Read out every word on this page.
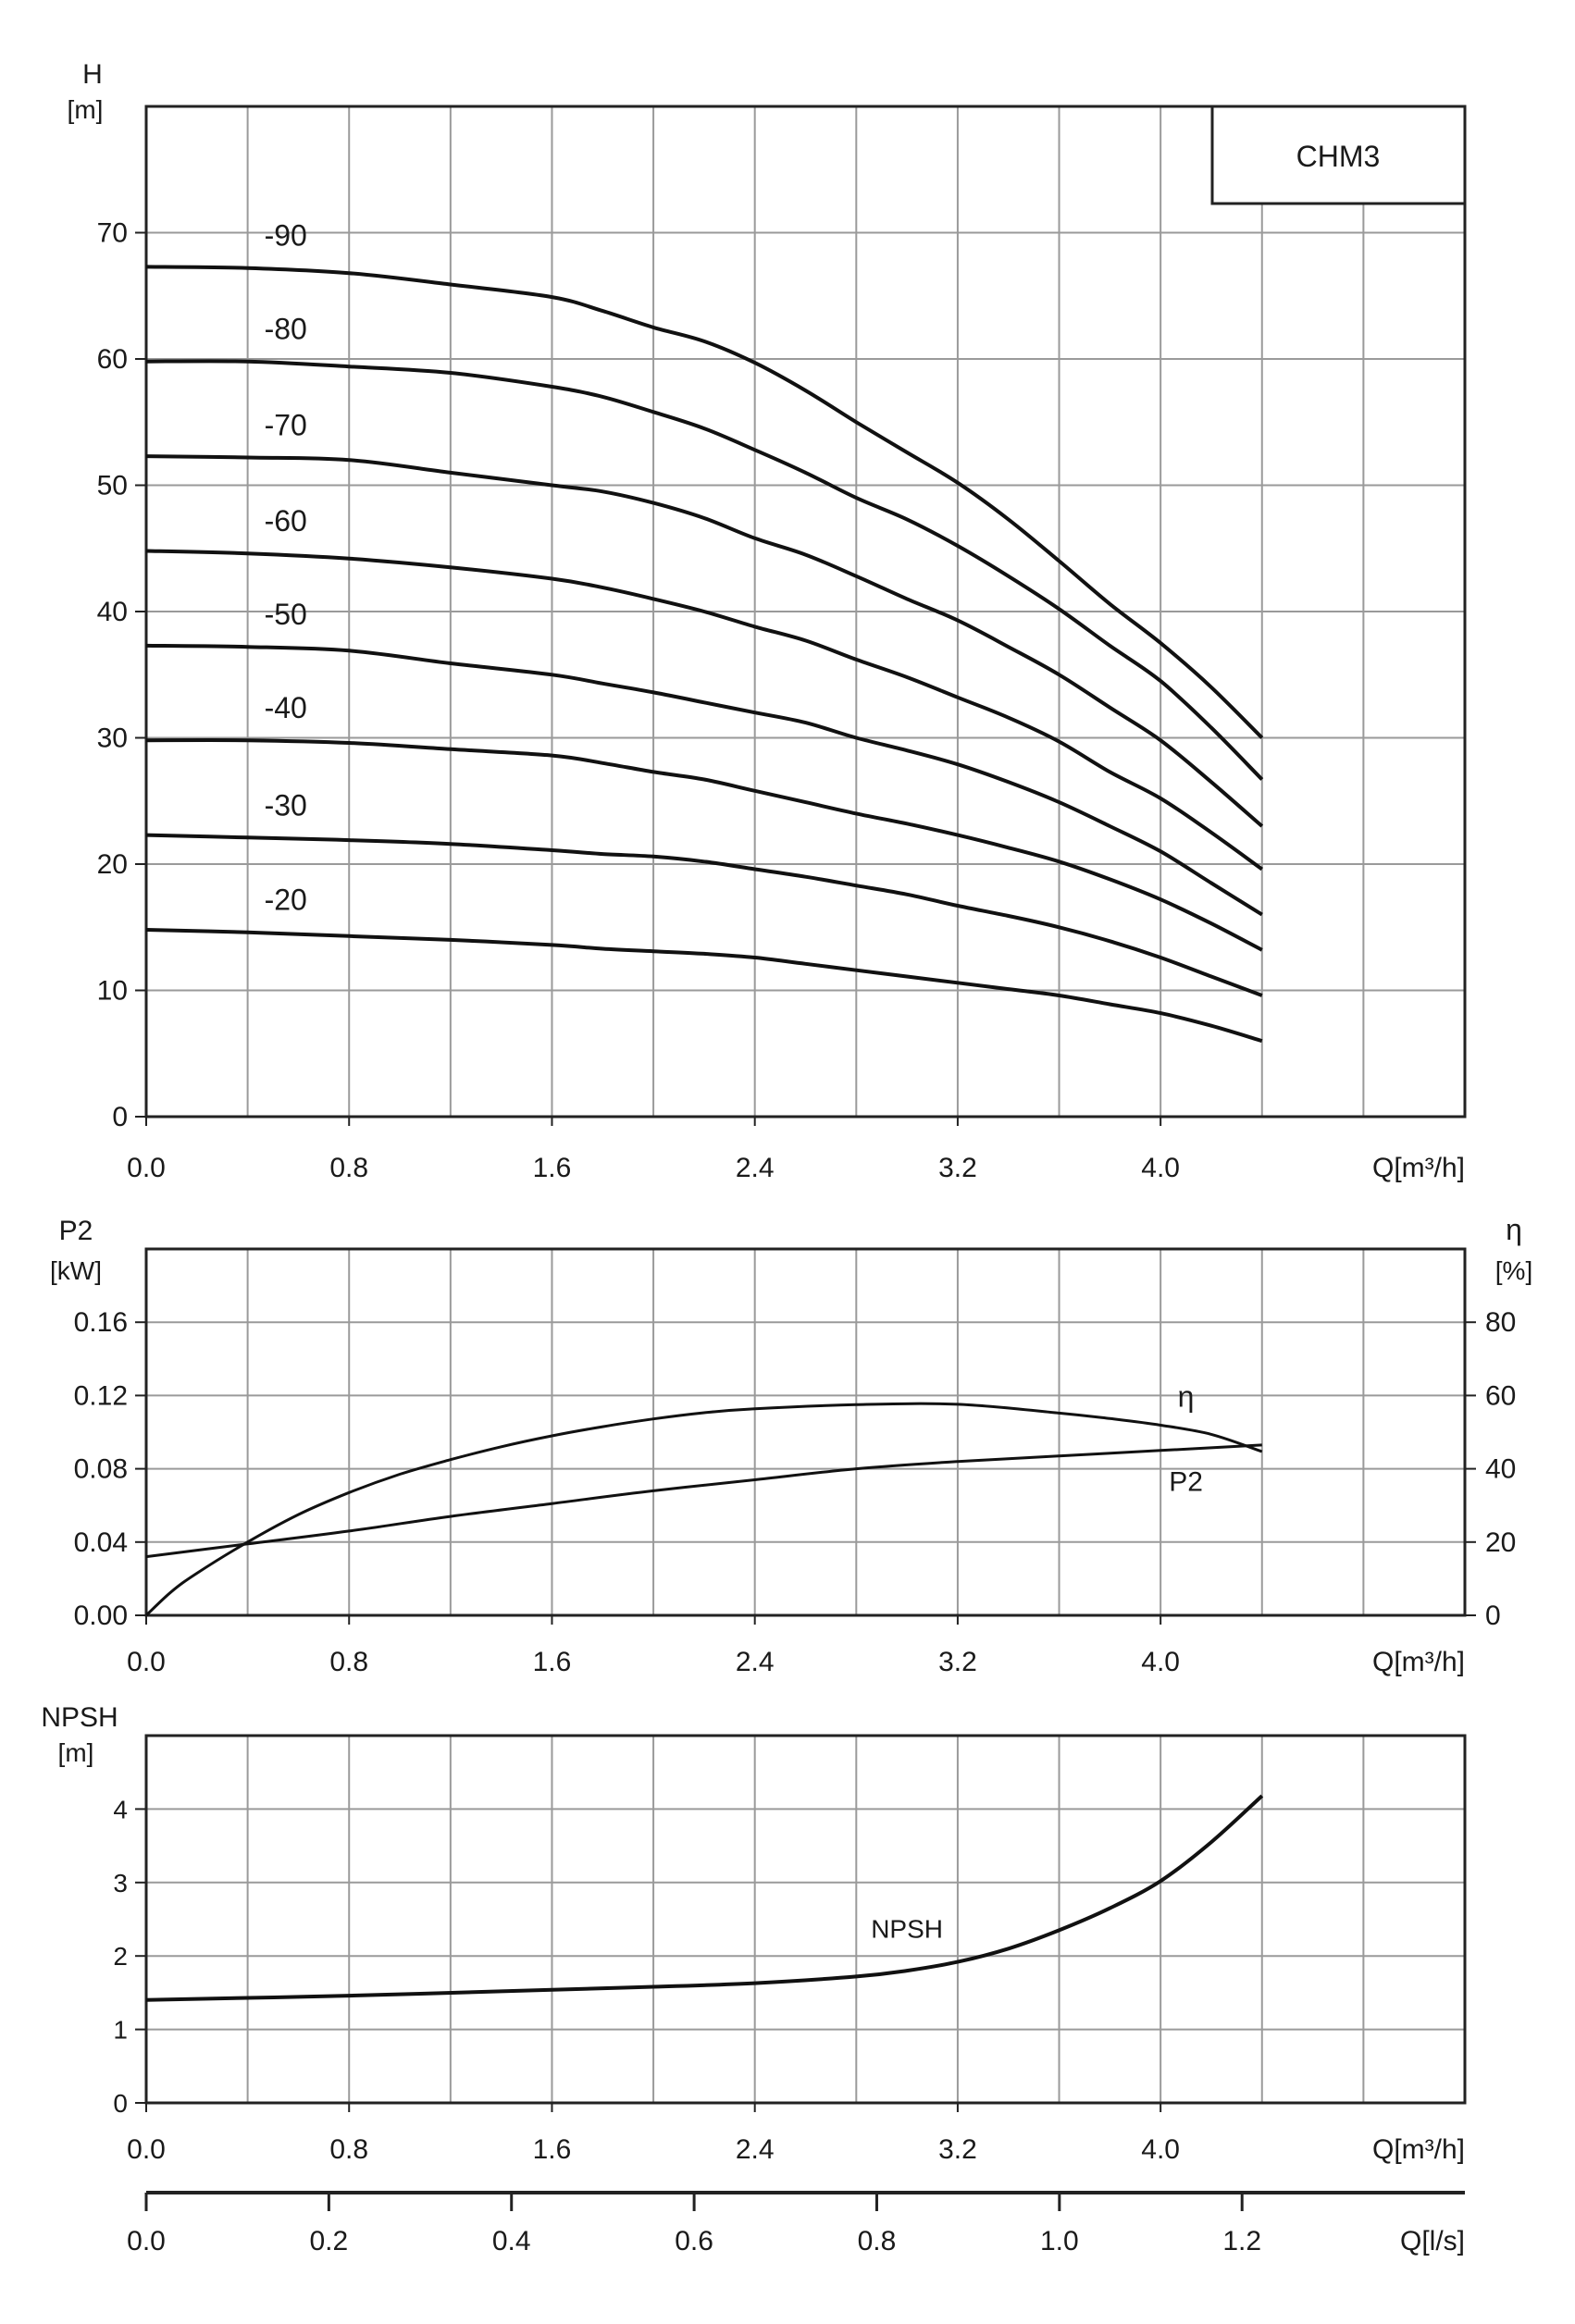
CHM3
H
[m]
Q[m³/h]
0
10
20
30
40
50
60
70
0.0	0.8	1.6	2.4	3.2	4.0
-90
-80
-70
-60
-50
-40
-30
-20
P2
[kW]
η
[%]
Q[m³/h]
0.00
0.04
0.08
0.12
0.16
0
20
40
60
80
0.0	0.8	1.6	2.4	3.2	4.0
P2
η
NPSH
[m]
Q[m³/h]
0
1
2
3
4
0.0	0.8	1.6	2.4	3.2	4.0
NPSH
0.0	0.2	0.4	0.6	0.8	1.0	1.2	Q[l/s]
